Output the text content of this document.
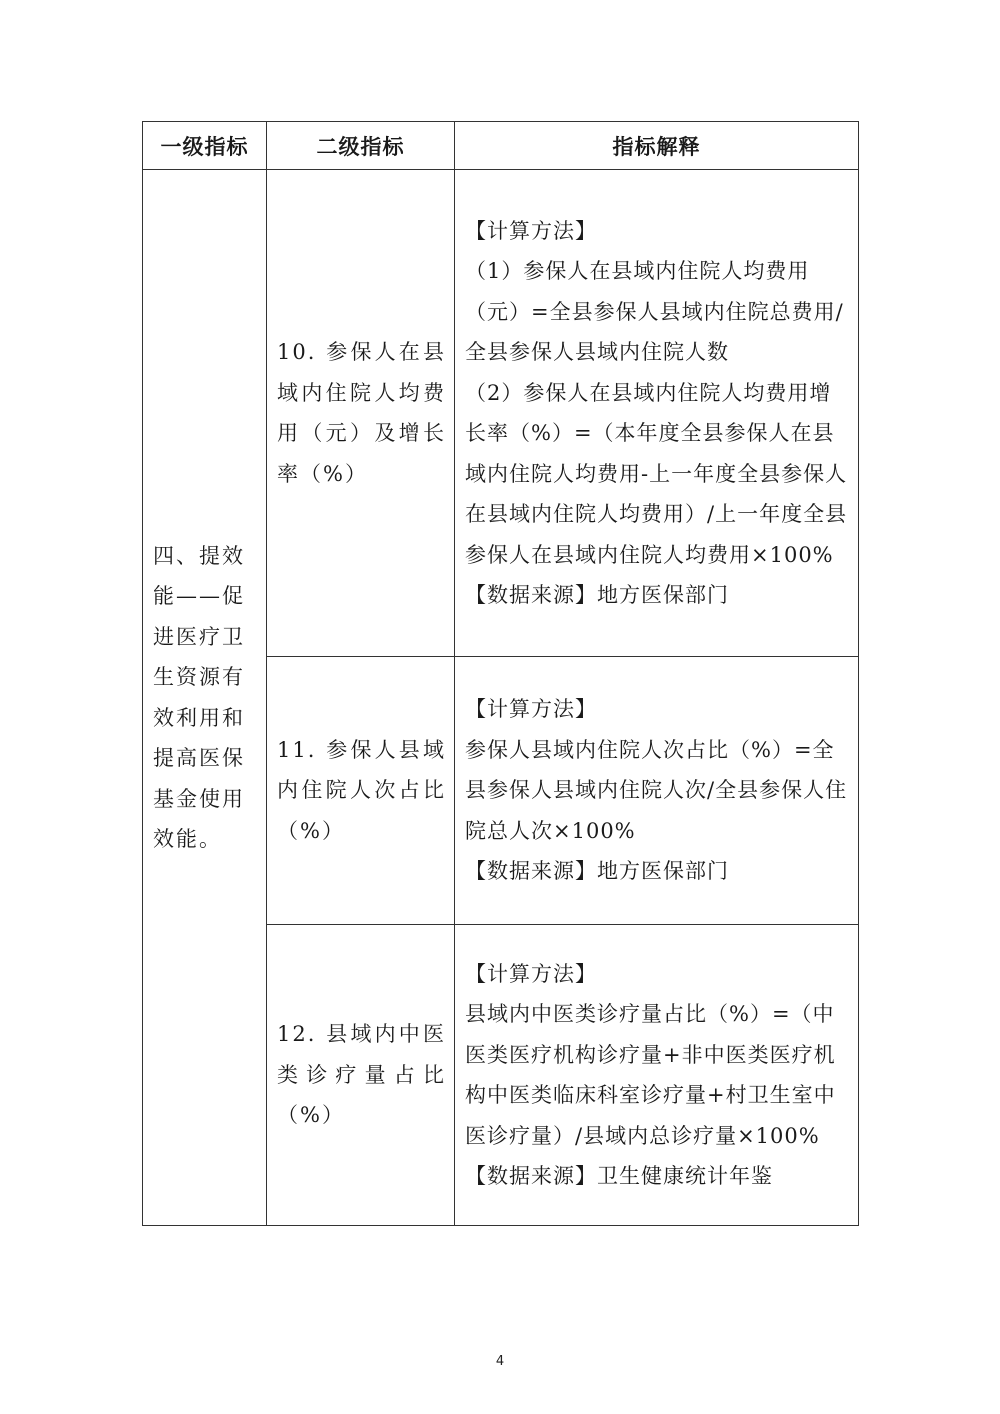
一级指标	二级指标	指标解释
四、提效能——促进医疗卫生资源有效利用和提高医保基金使用效能。	10. 参保人在县域内住院人均费用（元）及增长率（%）	【计算方法】
（1）参保人在县域内住院人均费用（元）=全县参保人县域内住院总费用/全县参保人县域内住院人数
（2）参保人在县域内住院人均费用增长率（%）=（本年度全县参保人在县域内住院人均费用-上一年度全县参保人在县域内住院人均费用）/上一年度全县参保人在县域内住院人均费用×100%
【数据来源】地方医保部门

	11. 参保人县域内住院人次占比（%）	【计算方法】
参保人县域内住院人次占比（%）=全县参保人县域内住院人次/全县参保人住院总人次×100%
【数据来源】地方医保部门

	12. 县域内中医类诊疗量占比（%）	【计算方法】
县域内中医类诊疗量占比（%）=（中医类医疗机构诊疗量+非中医类医疗机构中医类临床科室诊疗量+村卫生室中医诊疗量）/县域内总诊疗量×100%
【数据来源】卫生健康统计年鉴
4
